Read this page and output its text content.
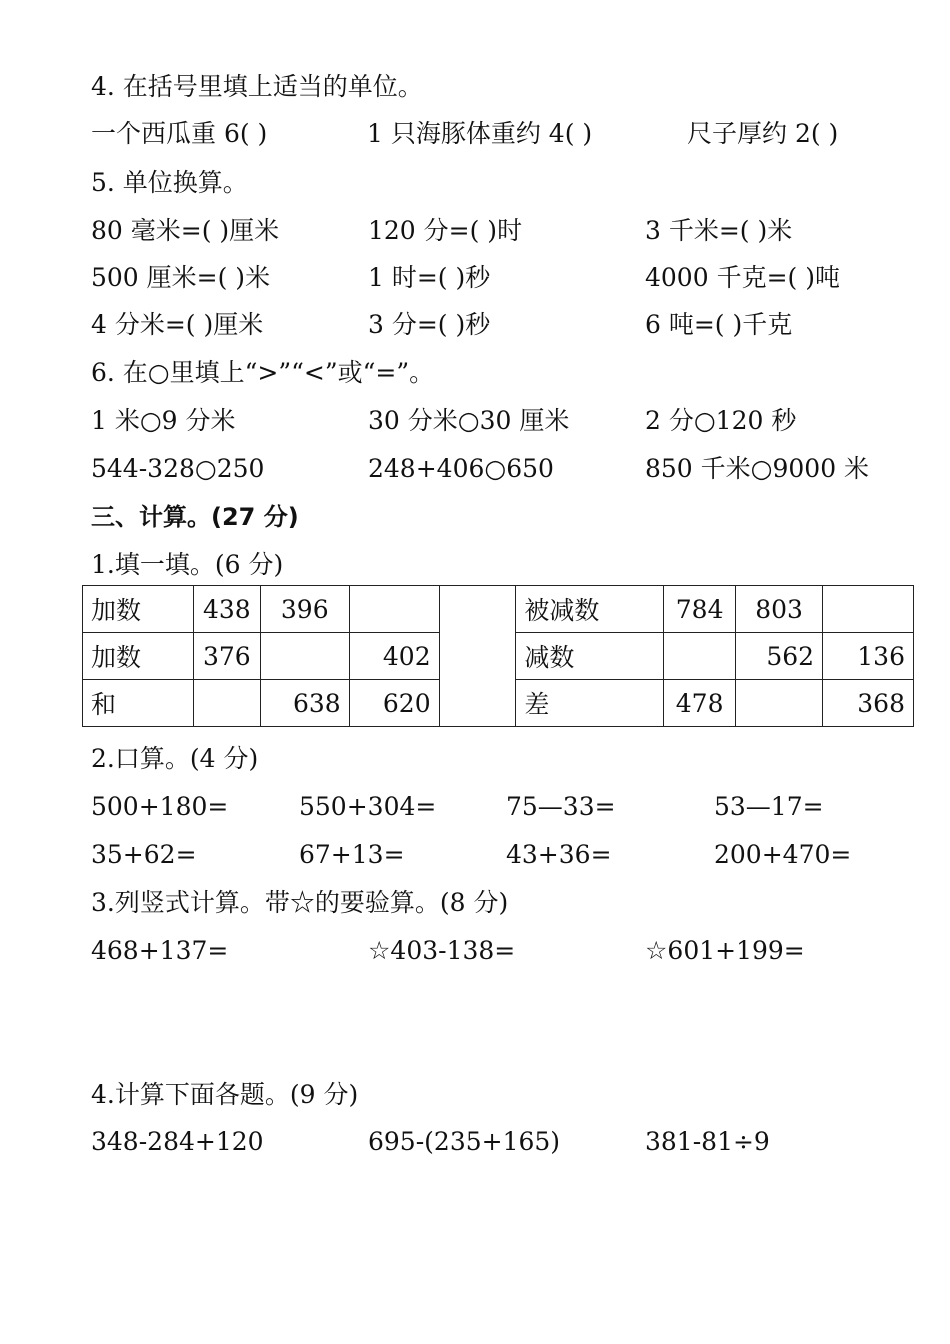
4. 在括号里填上适当的单位。
一个西瓜重 6( )	1 只海豚体重约 4( )	尺子厚约 2( )
5. 单位换算。
80 毫米=( )厘米	120 分=( )时	3 千米=( )米
500 厘米=( )米	1 时=( )秒	4000 千克=( )吨
4 分米=( )厘米	3 分=( )秒	6 吨=( )千克
6. 在○里填上“>”“<”或“=”。
1 米○9 分米	30 分米○30 厘米	2 分○120 秒
544-328○250	248+406○650	850 千米○9000 米
三、计算。(27 分)
1.填一填。(6 分)
加数	438	396			被减数	784	803	
加数	376		402		减数		562	136
和		638	620		差	478		368
2.口算。(4 分)
500+180=	550+304=	75—33=	53—17=
35+62=	67+13=	43+36=	200+470=
3.列竖式计算。带☆的要验算。(8 分)
468+137=	☆403-138=	☆601+199=
4.计算下面各题。(9 分)
348-284+120	695-(235+165)	381-81÷9
